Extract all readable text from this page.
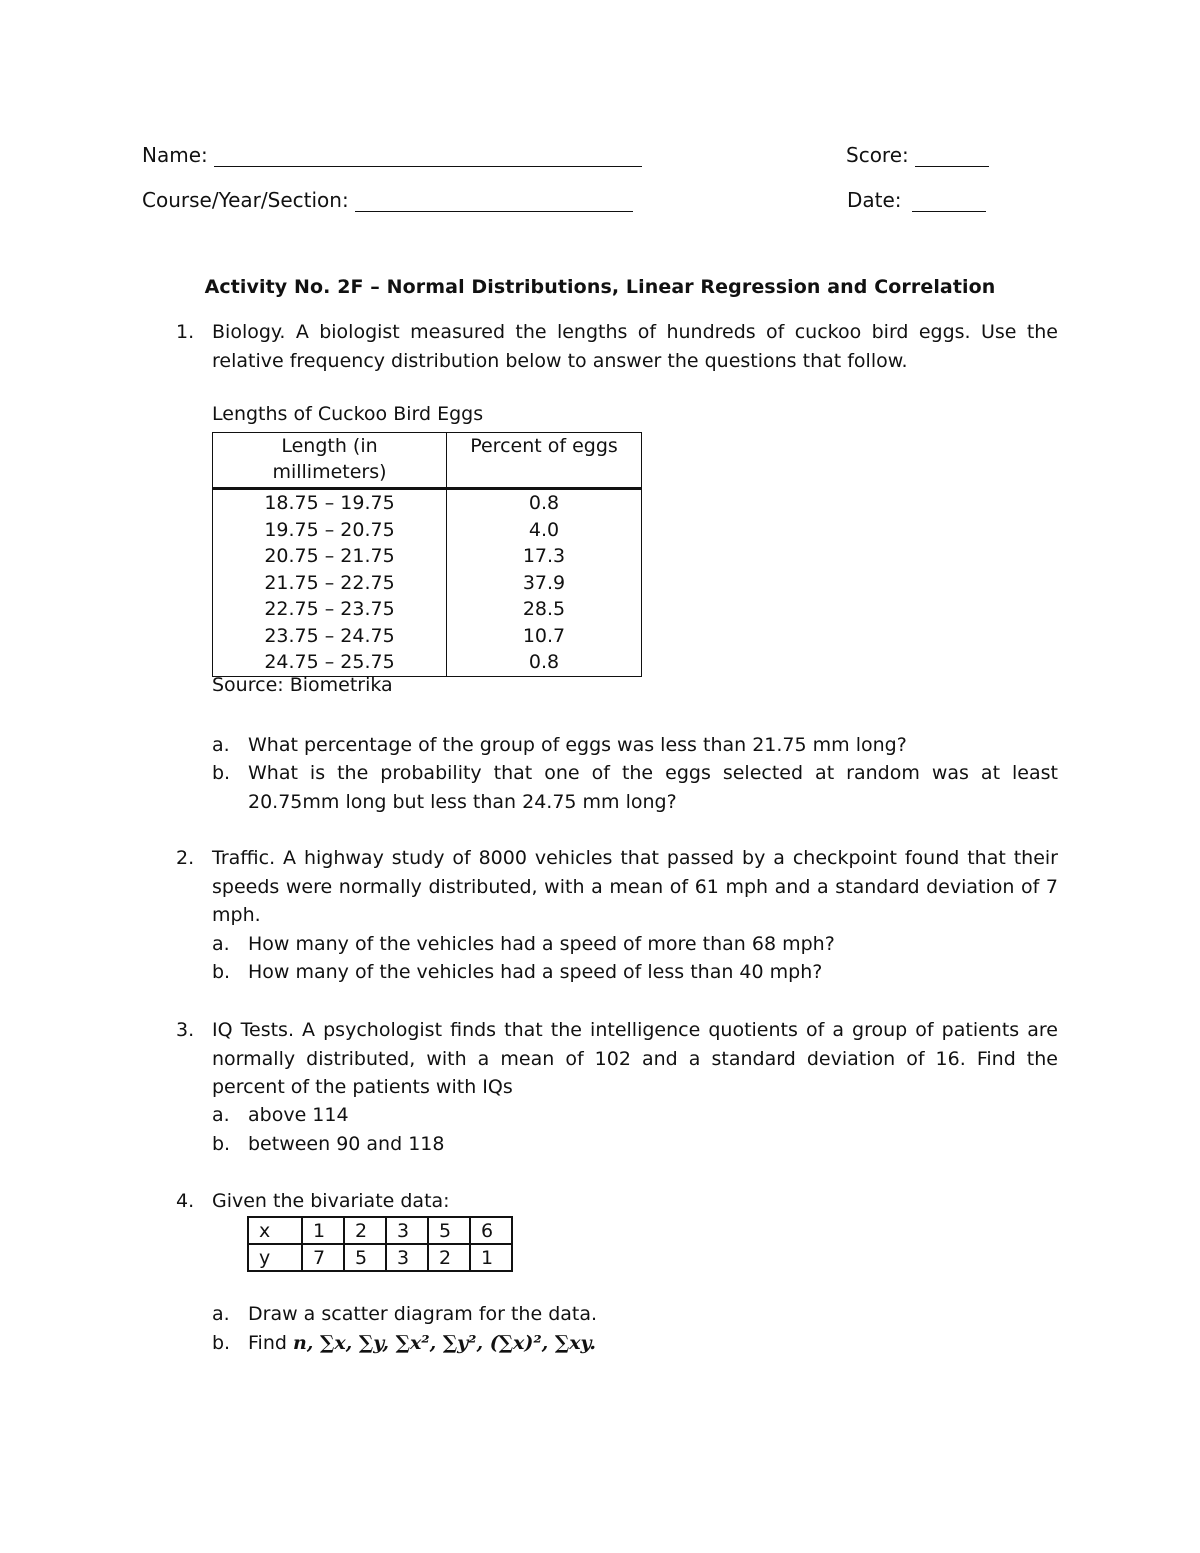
Name:	Score:
Course/Year/Section:	Date:
Activity No. 2F – Normal Distributions, Linear Regression and Correlation
1. Biology. A biologist measured the lengths of hundreds of cuckoo bird eggs. Use the relative frequency distribution below to answer the questions that follow.
Lengths of Cuckoo Bird Eggs
Length (in millimeters)	Percent of eggs
18.75 – 19.75	0.8
19.75 – 20.75	4.0
20.75 – 21.75	17.3
21.75 – 22.75	37.9
22.75 – 23.75	28.5
23.75 – 24.75	10.7
24.75 – 25.75	0.8
Source: Biometrika
a. What percentage of the group of eggs was less than 21.75 mm long?
b. What is the probability that one of the eggs selected at random was at least 20.75mm long but less than 24.75 mm long?
2. Traffic. A highway study of 8000 vehicles that passed by a checkpoint found that their speeds were normally distributed, with a mean of 61 mph and a standard deviation of 7 mph.
a. How many of the vehicles had a speed of more than 68 mph?
b. How many of the vehicles had a speed of less than 40 mph?
3. IQ Tests. A psychologist finds that the intelligence quotients of a group of patients are normally distributed, with a mean of 102 and a standard deviation of 16. Find the percent of the patients with IQs
a. above 114
b. between 90 and 118
4. Given the bivariate data:
x	1	2	3	5	6
y	7	5	3	2	1
a. Draw a scatter diagram for the data.
b. Find n, ∑x, ∑y, ∑x², ∑y², (∑x)², ∑xy.
